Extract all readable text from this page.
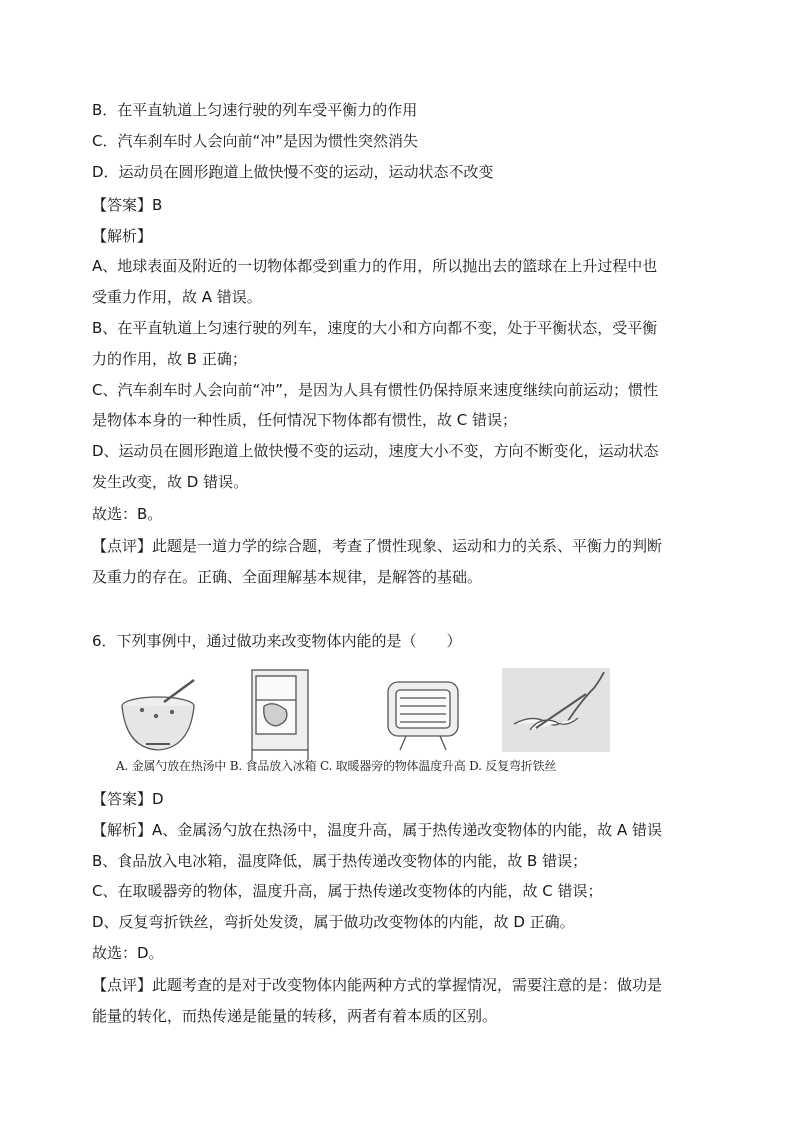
B．在平直轨道上匀速行驶的列车受平衡力的作用
C．汽车刹车时人会向前“冲”是因为惯性突然消失
D．运动员在圆形跑道上做快慢不变的运动，运动状态不改变
【答案】B
【解析】
A、地球表面及附近的一切物体都受到重力的作用，所以抛出去的篮球在上升过程中也
受重力作用，故 A 错误。
B、在平直轨道上匀速行驶的列车，速度的大小和方向都不变，处于平衡状态，受平衡
力的作用，故 B 正确；
C、汽车刹车时人会向前“冲”，是因为人具有惯性仍保持原来速度继续向前运动；惯性
是物体本身的一种性质，任何情况下物体都有惯性，故 C 错误；
D、运动员在圆形跑道上做快慢不变的运动，速度大小不变，方向不断变化，运动状态
发生改变，故 D 错误。
故选：B。
【点评】此题是一道力学的综合题，考查了惯性现象、运动和力的关系、平衡力的判断
及重力的存在。正确、全面理解基本规律，是解答的基础。
6．下列事例中，通过做功来改变物体内能的是（　　）
A. 金属勺放在热汤中 B. 食品放入冰箱 C. 取暖器旁的物体温度升高 D. 反复弯折铁丝
【答案】D
【解析】A、金属汤勺放在热汤中，温度升高，属于热传递改变物体的内能，故 A 错误
B、食品放入电冰箱，温度降低，属于热传递改变物体的内能，故 B 错误；
C、在取暖器旁的物体，温度升高，属于热传递改变物体的内能，故 C 错误；
D、反复弯折铁丝，弯折处发烫，属于做功改变物体的内能，故 D 正确。
故选：D。
【点评】此题考查的是对于改变物体内能两种方式的掌握情况，需要注意的是：做功是
能量的转化，而热传递是能量的转移，两者有着本质的区别。
